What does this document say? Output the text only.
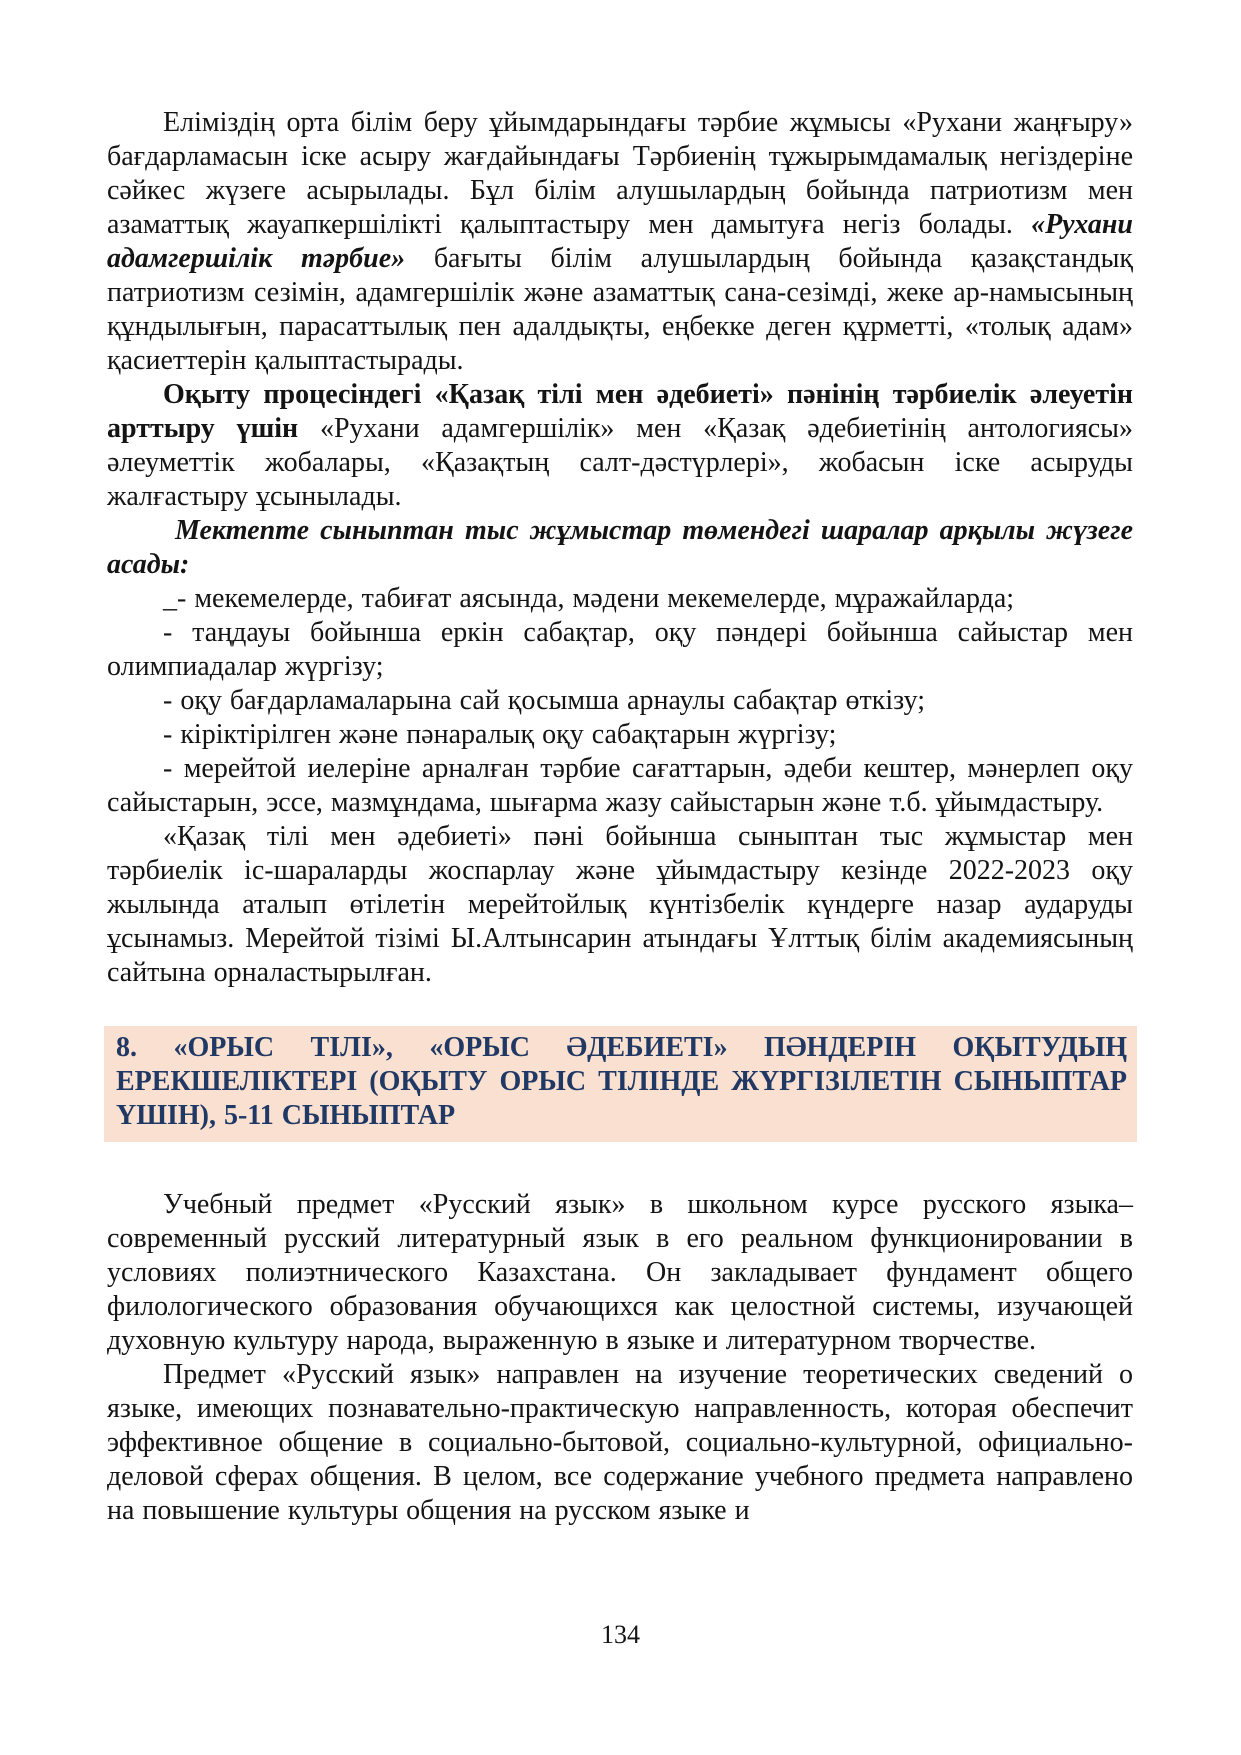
Еліміздің орта білім беру ұйымдарындағы тәрбие жұмысы «Рухани жаңғыру» бағдарламасын іске асыру жағдайындағы Тәрбиенің тұжырымдамалық негіздеріне сәйкес жүзеге асырылады. Бұл білім алушылардың бойында патриотизм мен азаматтық жауапкершілікті қалыптастыру мен дамытуға негіз болады. «Рухани адамгершілік тәрбие» бағыты білім алушылардың бойында қазақстандық патриотизм сезімін, адамгершілік және азаматтық сана-сезімді, жеке ар-намысының құндылығын, парасаттылық пен адалдықты, еңбекке деген құрметті, «толық адам» қасиеттерін қалыптастырады.

Оқыту процесіндегі «Қазақ тілі мен әдебиеті» пәнінің тәрбиелік әлеуетін арттыру үшін «Рухани адамгершілік» мен «Қазақ әдебиетінің антологиясы» әлеуметтік жобалары, «Қазақтың салт-дәстүрлері», жобасын іске асыруды жалғастыру ұсынылады.

Мектепте сыныптан тыс жұмыстар төмендегі шаралар арқылы жүзеге асады:

_- мекемелерде, табиғат аясында, мәдени мекемелерде, мұражайларда;

- таңдауы бойынша еркін сабақтар, оқу пәндері бойынша сайыстар мен олимпиадалар жүргізу;

- оқу бағдарламаларына сай қосымша арнаулы сабақтар өткізу;

- кіріктірілген және пәнаралық оқу сабақтарын жүргізу;

- мерейтой иелеріне арналған тәрбие сағаттарын, әдеби кештер, мәнерлеп оқу сайыстарын, эссе, мазмұндама, шығарма жазу сайыстарын және т.б. ұйымдастыру.

«Қазақ тілі мен әдебиеті» пәні бойынша сыныптан тыс жұмыстар мен тәрбиелік іс-шараларды жоспарлау және ұйымдастыру кезінде 2022-2023 оқу жылында аталып өтілетін мерейтойлық күнтізбелік күндерге назар аударуды ұсынамыз. Мерейтой тізімі Ы.Алтынсарин атындағы Ұлттық білім академиясының сайтына орналастырылған.

8. «ОРЫС ТІЛІ», «ОРЫС ӘДЕБИЕТІ» ПӘНДЕРІН ОҚЫТУДЫҢ ЕРЕКШЕЛІКТЕРІ (ОҚЫТУ ОРЫС ТІЛІНДЕ ЖҮРГІЗІЛЕТІН СЫНЫПТАР ҮШІН), 5-11 СЫНЫПТАР

Учебный предмет «Русский язык» в школьном курсе русского языка– современный русский литературный язык в его реальном функционировании в условиях полиэтнического Казахстана. Он закладывает фундамент общего филологического образования обучающихся как целостной системы, изучающей духовную культуру народа, выраженную в языке и литературном творчестве.

Предмет «Русский язык» направлен на изучение теоретических сведений о языке, имеющих познавательно-практическую направленность, которая обеспечит эффективное общение в социально-бытовой, социально-культурной, официально-деловой сферах общения. В целом, все содержание учебного предмета направлено на повышение культуры общения на русском языке и

134
